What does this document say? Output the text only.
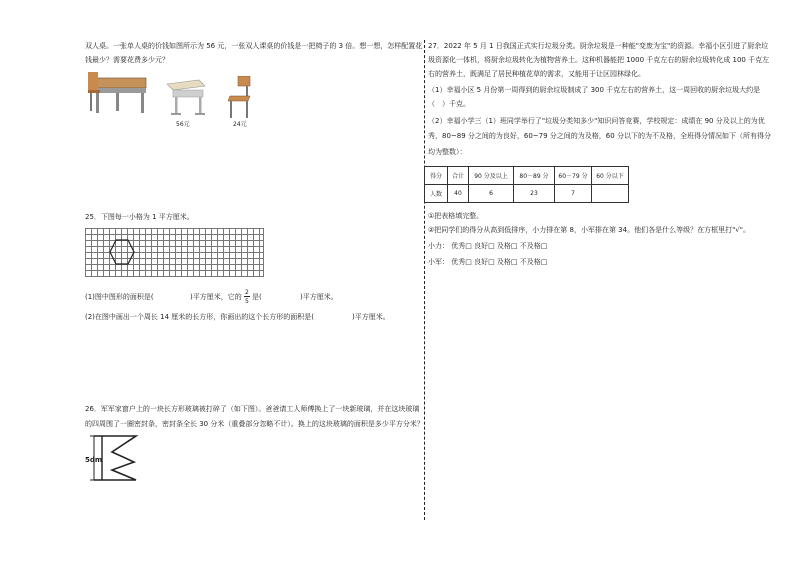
双人桌。一张单人桌的价钱如图所示为 56 元，一张双人课桌的价钱是一把椅子的 3 倍。想一想，怎样配置花
钱最少？需要花费多少元？
56元	24元
25．下图每一小格为 1 平方厘米。
(1)图中图形的面积是(	)平方厘米，它的
2
5
是(	)平方厘米。
(2)在图中画出一个周长 14 厘米的长方形，你画出的这个长方形的面积是(	)平方厘米。
26．军军家窗户上的一块长方形玻璃被打碎了（如下图）。爸爸请工人师傅换上了一块新玻璃，并在这块玻璃
的四周围了一圈密封条，密封条全长 30 分米（重叠部分忽略不计）。换上的这块玻璃的面积是多少平方分米？
5dm
27．2022 年 5 月 1 日我国正式实行垃圾分类。厨余垃圾是一种能"变废为宝"的资源。幸福小区引进了厨余垃
圾资源化一体机，将厨余垃圾转化为植物营养土。这种机器能把 1000 千克左右的厨余垃圾转化成 100 千克左
右的营养土，既满足了居民种植花草的需求，又能用于让区园林绿化。
（1）幸福小区 5 月份第一周得到的厨余垃圾制成了 300 千克左右的营养土，这一周回收的厨余垃圾大约是
（　）千克。
（2）幸福小学三（1）班同学举行了"垃圾分类知多少"知识问答竞赛，学校规定：成绩在 90 分及以上的为优
秀，80~89 分之间的为良好，60~79 分之间的为及格，60 分以下的为不及格，全班得分情况如下（所有得分
均为整数）：
得分	合计	90 分及以上	80－89 分	60－79 分	60 分以下
人数	40	6	23	7	
①把表格填完整。
②把同学们的得分从高到低排序，小力排在第 8，小军排在第 34。他们各是什么等级？在方框里打"√"。
小力： 优秀□ 良好□ 及格□ 不及格□
小军： 优秀□ 良好□ 及格□ 不及格□
